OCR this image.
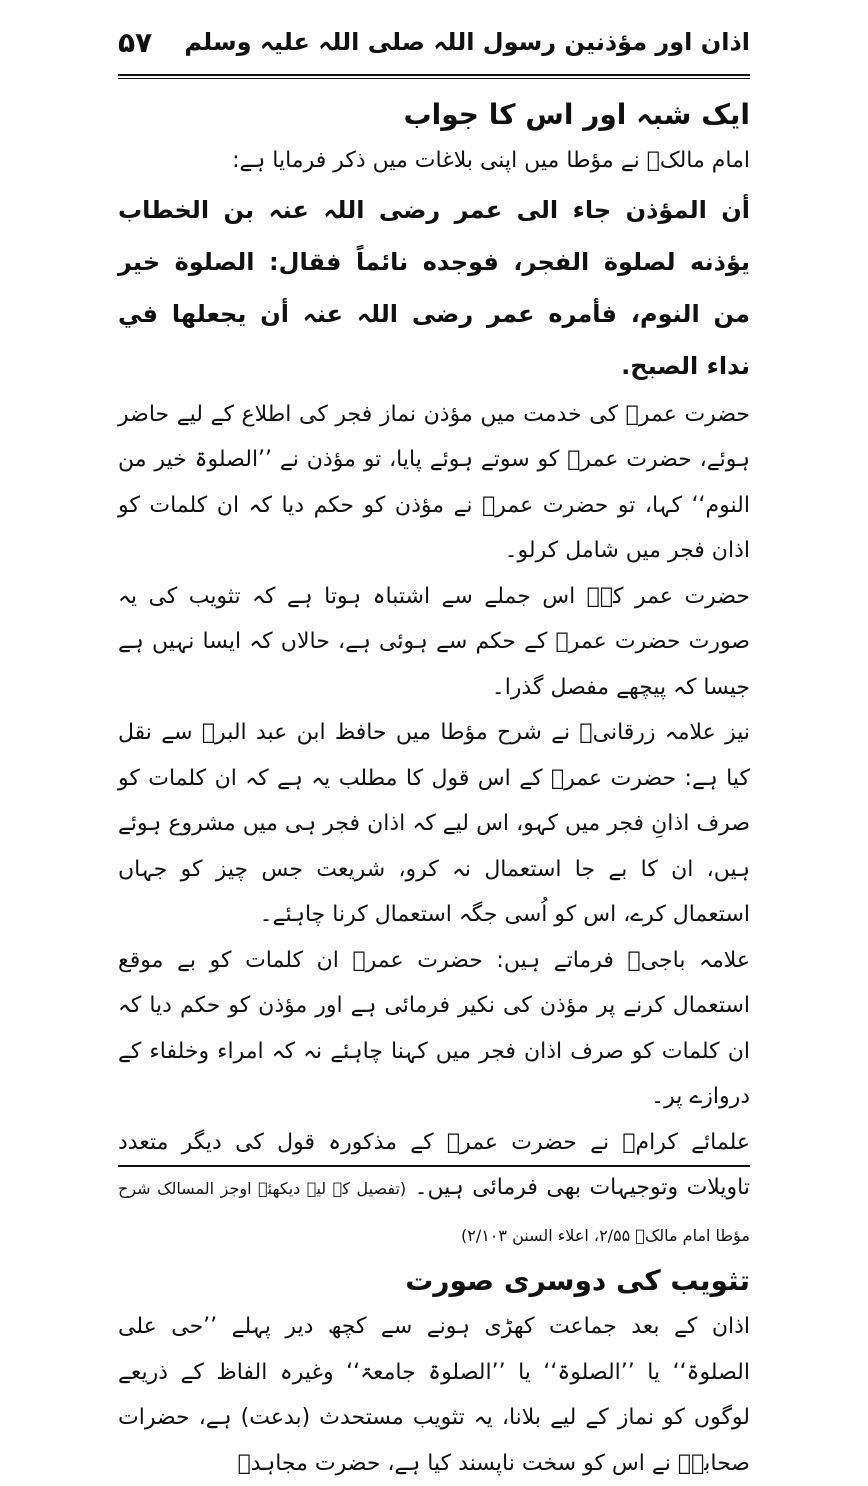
اذان اور مؤذنین رسول اللہ صلی اللہ علیہ وسلم
۵۷
ایک شبہ اور اس کا جواب

امام مالکؒ نے مؤطا میں اپنی بلاغات میں ذکر فرمایا ہے:

أن المؤذن جاء الی عمر رضی اللہ عنہ بن الخطاب یؤذنه لصلوة الفجر، فوجده نائماً فقال: الصلوة خير من النوم، فأمره عمر رضی اللہ عنہ أن يجعلها في نداء الصبح.

حضرت عمرؓ کی خدمت میں مؤذن نماز فجر کی اطلاع کے لیے حاضر ہوئے، حضرت عمرؓ کو سوتے ہوئے پایا، تو مؤذن نے ’’الصلوۃ خیر من النوم‘‘ کہا، تو حضرت عمرؓ نے مؤذن کو حکم دیا کہ ان کلمات کو اذان فجر میں شامل کرلو۔

حضرت عمر کےؓ اس جملے سے اشتباہ ہوتا ہے کہ تثویب کی یہ صورت حضرت عمرؓ کے حکم سے ہوئی ہے، حالاں کہ ایسا نہیں ہے جیسا کہ پیچھے مفصل گذرا۔

نیز علامہ زرقانیؒ نے شرح مؤطا میں حافظ ابن عبد البرؒ سے نقل کیا ہے: حضرت عمرؓ کے اس قول کا مطلب یہ ہے کہ ان کلمات کو صرف اذانِ فجر میں کہو، اس لیے کہ اذان فجر ہی میں مشروع ہوئے ہیں، ان کا بے جا استعمال نہ کرو، شریعت جس چیز کو جہاں استعمال کرے، اس کو اُسی جگہ استعمال کرنا چاہئے۔

علامہ باجیؒ فرماتے ہیں: حضرت عمرؓ ان کلمات کو بے موقع استعمال کرنے پر مؤذن کی نکیر فرمائی ہے اور مؤذن کو حکم دیا کہ ان کلمات کو صرف اذان فجر میں کہنا چاہئے نہ کہ امراء وخلفاء کے دروازے پر۔

علمائے کرامؒ نے حضرت عمرؓ کے مذکورہ قول کی دیگر متعدد تاویلات وتوجیہات بھی فرمائی ہیں۔ (تفصیل کے لیے دیکھئے اوجز المسالک شرح مؤطا امام مالکؒ ۲/۵۵، اعلاء السنن ۲/۱۰۳)

تثویب کی دوسری صورت

اذان کے بعد جماعت کھڑی ہونے سے کچھ دیر پہلے ’’حی علی الصلوۃ‘‘ یا ’’الصلوۃ‘‘ یا ’’الصلوۃ جامعۃ‘‘ وغیرہ الفاظ کے ذریعے لوگوں کو نماز کے لیے بلانا، یہ تثویب مستحدث (بدعت) ہے، حضرات صحابہؓ نے اس کو سخت ناپسند کیا ہے، حضرت مجاہدؒ
